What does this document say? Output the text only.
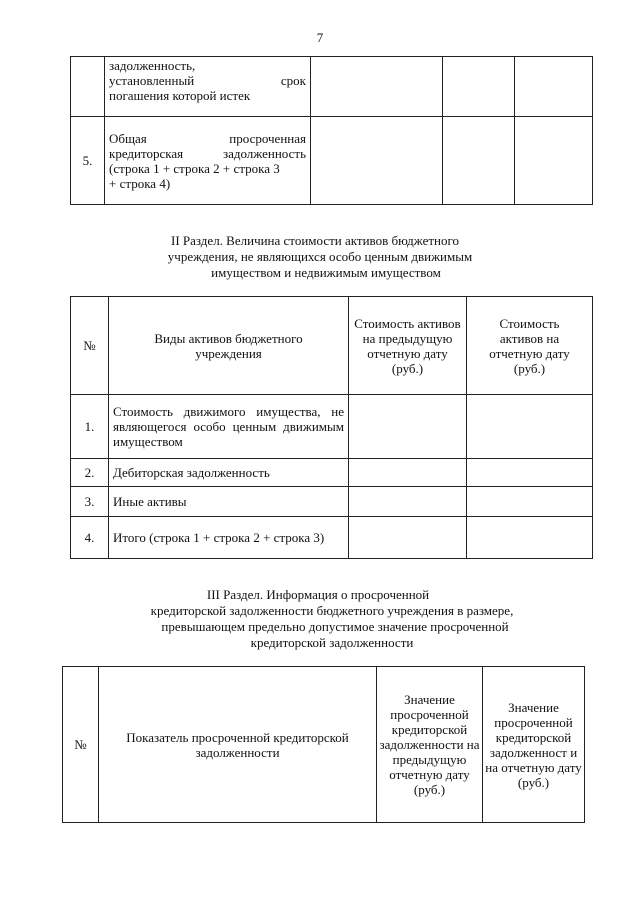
7

	задолженность,
установленный срок
погашения которой истек			

5.	Общая просроченная
кредиторская задолженность
(строка 1 + строка 2 + строка 3
+ строка 4)			

II Раздел. Величина стоимости активов бюджетного
учреждения, не являющихся особо ценным движимым
имуществом и недвижимым имуществом
№	Виды активов бюджетного учреждения	Стоимость активов на предыдущую отчетную дату (руб.)	Стоимость активов на отчетную дату (руб.)
1.	Стоимость движимого имущества, не являющегося особо ценным движимым имуществом		
2.	Дебиторская задолженность		
3.	Иные активы		
4.	Итого (строка 1 + строка 2 + строка 3)		
III Раздел. Информация о просроченной
кредиторской задолженности бюджетного учреждения в размере,
превышающем предельно допустимое значение просроченной
кредиторской задолженности
№	Показатель просроченной кредиторской задолженности	Значение просроченной кредиторской задолженности на предыдущую отчетную дату (руб.)	Значение просроченной кредиторской задолженност и на отчетную дату (руб.)
